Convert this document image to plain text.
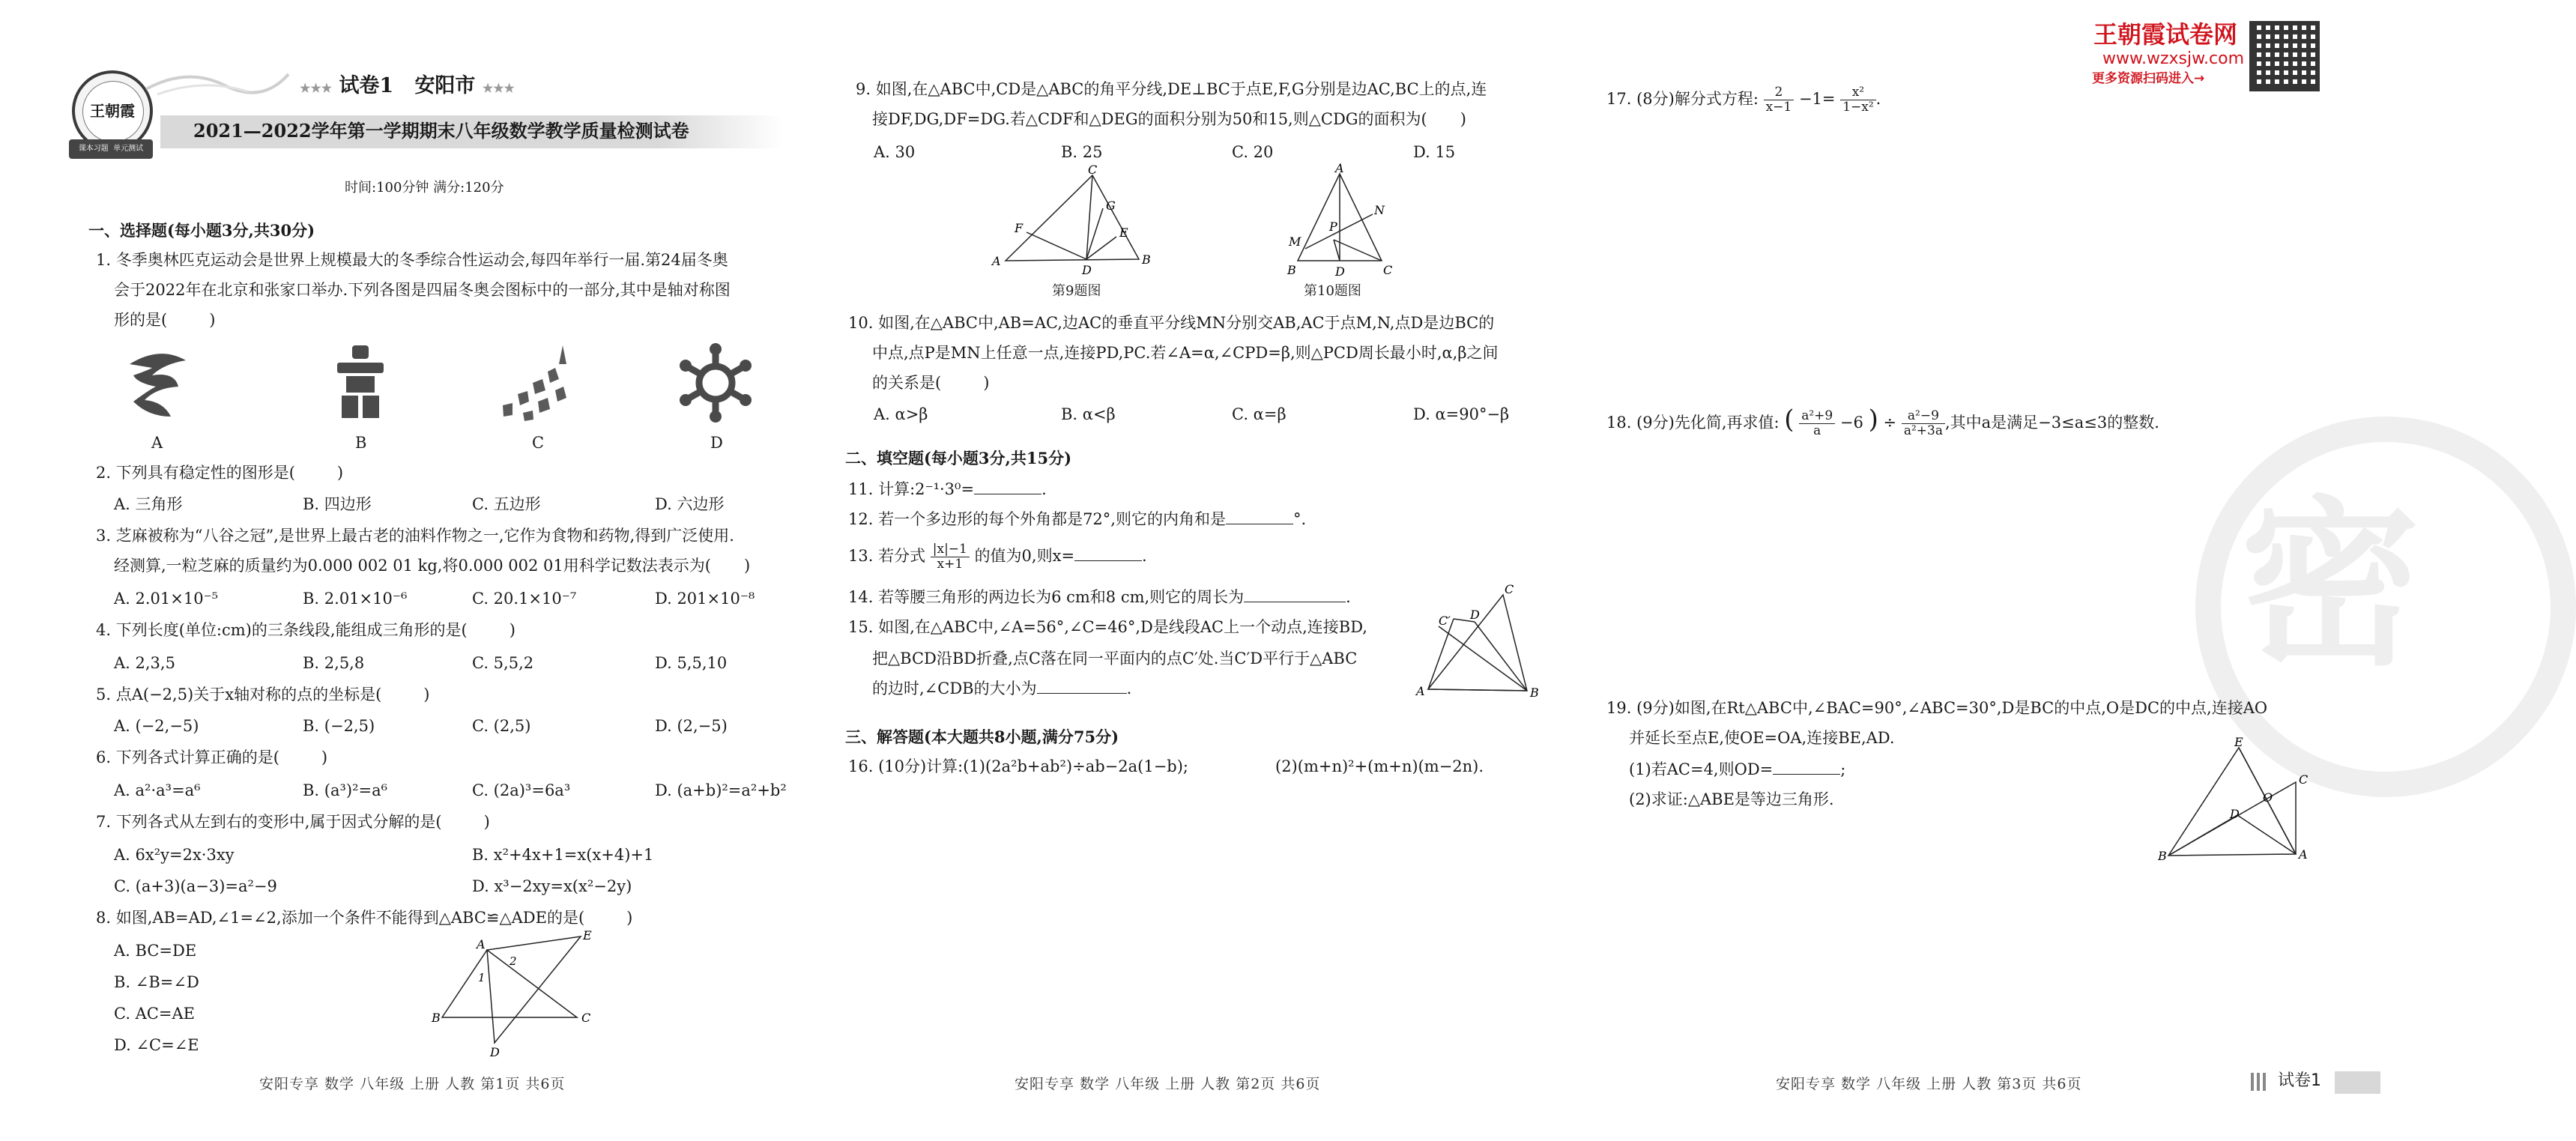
王朝霞
课本习题 单元测试
★★★ 试卷1 安阳市 ★★★
2021—2022学年第一学期期末八年级数学教学质量检测试卷
时间:100分钟 满分:120分
王朝霞试卷网
www.wzxsjw.com
更多资源扫码进入→
密
一、选择题(每小题3分,共30分)
1. 冬季奥林匹克运动会是世界上规模最大的冬季综合性运动会,每四年举行一届.第24届冬奥
会于2022年在北京和张家口举办.下列各图是四届冬奥会图标中的一部分,其中是轴对称图
形的是(	)
A	B	C	D
2. 下列具有稳定性的图形是(	)
A. 三角形	B. 四边形	C. 五边形	D. 六边形
3. 芝麻被称为“八谷之冠”,是世界上最古老的油料作物之一,它作为食物和药物,得到广泛使用.
经测算,一粒芝麻的质量约为0.000 002 01 kg,将0.000 002 01用科学记数法表示为( )
A. 2.01×10⁻⁵	B. 2.01×10⁻⁶	C. 20.1×10⁻⁷	D. 201×10⁻⁸
4. 下列长度(单位:cm)的三条线段,能组成三角形的是(	)
A. 2,3,5	B. 2,5,8	C. 5,5,2	D. 5,5,10
5. 点A(−2,5)关于x轴对称的点的坐标是(	)
A. (−2,−5)	B. (−2,5)	C. (2,5)	D. (2,−5)
6. 下列各式计算正确的是(	)
A. a²·a³=a⁶	B. (a³)²=a⁶	C. (2a)³=6a³	D. (a+b)²=a²+b²
7. 下列各式从左到右的变形中,属于因式分解的是(	)
A. 6x²y=2x·3xy	B. x²+4x+1=x(x+4)+1
C. (a+3)(a−3)=a²−9	D. x³−2xy=x(x²−2y)
8. 如图,AB=AD,∠1=∠2,添加一个条件不能得到△ABC≌△ADE的是(	)
A. BC=DE
B. ∠B=∠D
C. AC=AE
D. ∠C=∠E
B
A
C
D
E
1
2
安阳专享 数学 八年级 上册 人教 第1页 共6页
9. 如图,在△ABC中,CD是△ABC的角平分线,DE⊥BC于点E,F,G分别是边AC,BC上的点,连
接DF,DG,DF=DG.若△CDF和△DEG的面积分别为50和15,则△CDG的面积为( )
A. 30	B. 25	C. 20	D. 15
A
C
B
D
F
G
E
第9题图
A
B	C
D
M
N
P
第10题图
10. 如图,在△ABC中,AB=AC,边AC的垂直平分线MN分别交AB,AC于点M,N,点D是边BC的
中点,点P是MN上任意一点,连接PD,PC.若∠A=α,∠CPD=β,则△PCD周长最小时,α,β之间
的关系是(	)
A. α>β	B. α<β	C. α=β	D. α=90°−β
二、填空题(每小题3分,共15分)
11. 计算:2⁻¹·3⁰=	.
12. 若一个多边形的每个外角都是72°,则它的内角和是	°.
13. 若分式 $\frac{|x|-1}{x+1}$ 的值为0,则x=	.
14. 若等腰三角形的两边长为6 cm和8 cm,则它的周长为	.
15. 如图,在△ABC中,∠A=56°,∠C=46°,D是线段AC上一个动点,连接BD,
把△BCD沿BD折叠,点C落在同一平面内的点C′处.当C′D平行于△ABC
的边时,∠CDB的大小为	.	A
C
B
D
C′
三、解答题(本大题共8小题,满分75分)
16. (10分)计算:(1)(2a²b+ab²)÷ab−2a(1−b);	(2)(m+n)²+(m+n)(m−2n).
安阳专享 数学 八年级 上册 人教 第2页 共6页
17. (8分)解分式方程: $\frac{2}{x-1} -1= \frac{\text{x²}}{\text{1−x²}}$ .
18. (9分)先化简,再求值: ( $\frac{\text{a²+9}}{a} -6$ ) ÷ $\frac{\text{a²−9}}{\text{a²+3a}}$ ,其中a是满足−3≤a≤3的整数.
19. (9分)如图,在Rt△ABC中,∠BAC=90°,∠ABC=30°,D是BC的中点,O是DC的中点,连接AO
并延长至点E,使OE=OA,连接BE,AD.
(1)若AC=4,则OD=	;
(2)求证:△ABE是等边三角形.
E
B	A
C
D
O
安阳专享 数学 八年级 上册 人教 第3页 共6页	试卷1
